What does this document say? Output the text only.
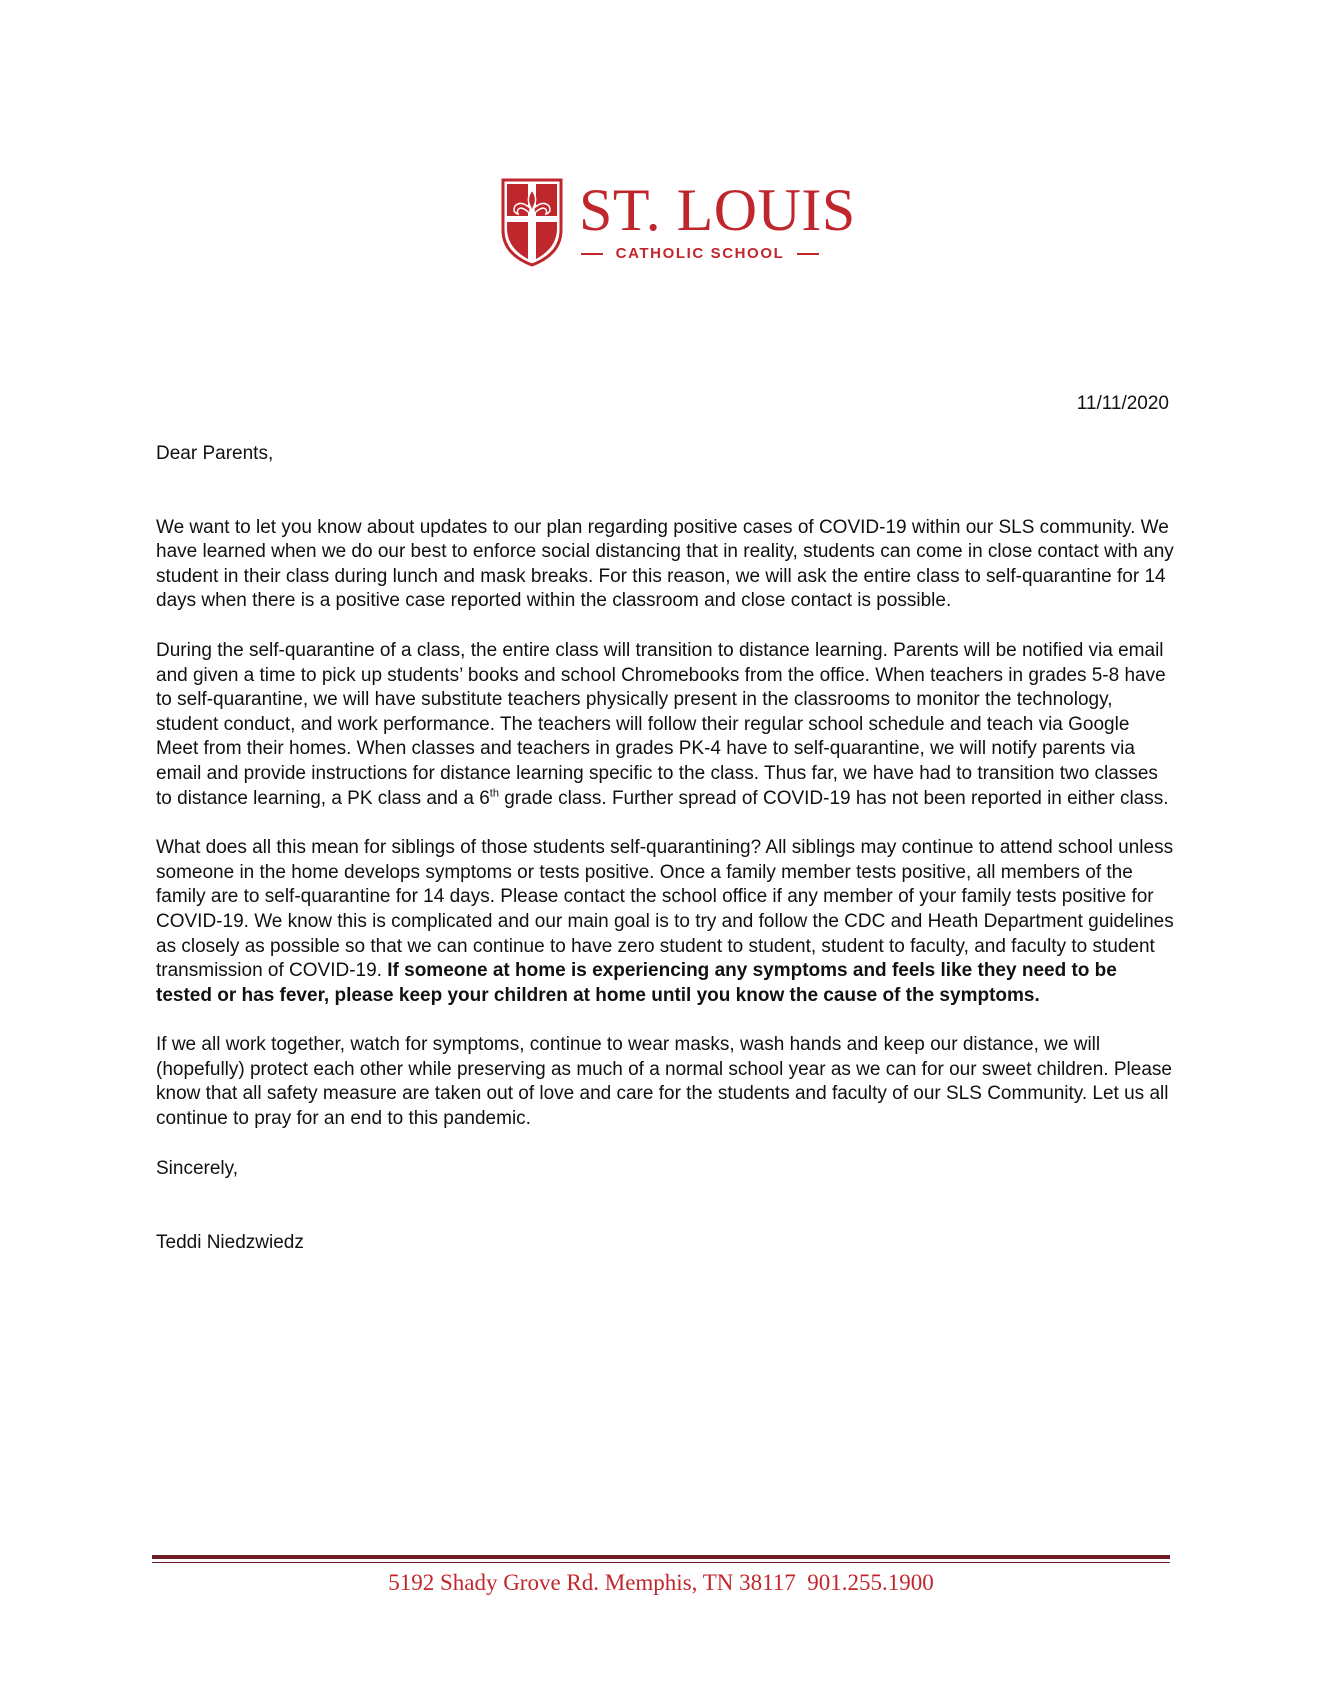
ST. LOUIS
CATHOLIC SCHOOL
11/11/2020

Dear Parents,

We want to let you know about updates to our plan regarding positive cases of COVID-19 within our SLS community. We have learned when we do our best to enforce social distancing that in reality, students can come in close contact with any student in their class during lunch and mask breaks. For this reason, we will ask the entire class to self-quarantine for 14 days when there is a positive case reported within the classroom and close contact is possible.

During the self-quarantine of a class, the entire class will transition to distance learning. Parents will be notified via email and given a time to pick up students’ books and school Chromebooks from the office. When teachers in grades 5-8 have to self-quarantine, we will have substitute teachers physically present in the classrooms to monitor the technology, student conduct, and work performance. The teachers will follow their regular school schedule and teach via Google Meet from their homes. When classes and teachers in grades PK-4 have to self-quarantine, we will notify parents via email and provide instructions for distance learning specific to the class. Thus far, we have had to transition two classes to distance learning, a PK class and a 6th grade class. Further spread of COVID-19 has not been reported in either class.

What does all this mean for siblings of those students self-quarantining? All siblings may continue to attend school unless someone in the home develops symptoms or tests positive. Once a family member tests positive, all members of the family are to self-quarantine for 14 days. Please contact the school office if any member of your family tests positive for COVID-19. We know this is complicated and our main goal is to try and follow the CDC and Heath Department guidelines as closely as possible so that we can continue to have zero student to student, student to faculty, and faculty to student transmission of COVID-19. If someone at home is experiencing any symptoms and feels like they need to be tested or has fever, please keep your children at home until you know the cause of the symptoms.

If we all work together, watch for symptoms, continue to wear masks, wash hands and keep our distance, we will (hopefully) protect each other while preserving as much of a normal school year as we can for our sweet children. Please know that all safety measure are taken out of love and care for the students and faculty of our SLS Community. Let us all continue to pray for an end to this pandemic.

Sincerely,

Teddi Niedzwiedz

5192 Shady Grove Rd. Memphis, TN 38117  901.255.1900
